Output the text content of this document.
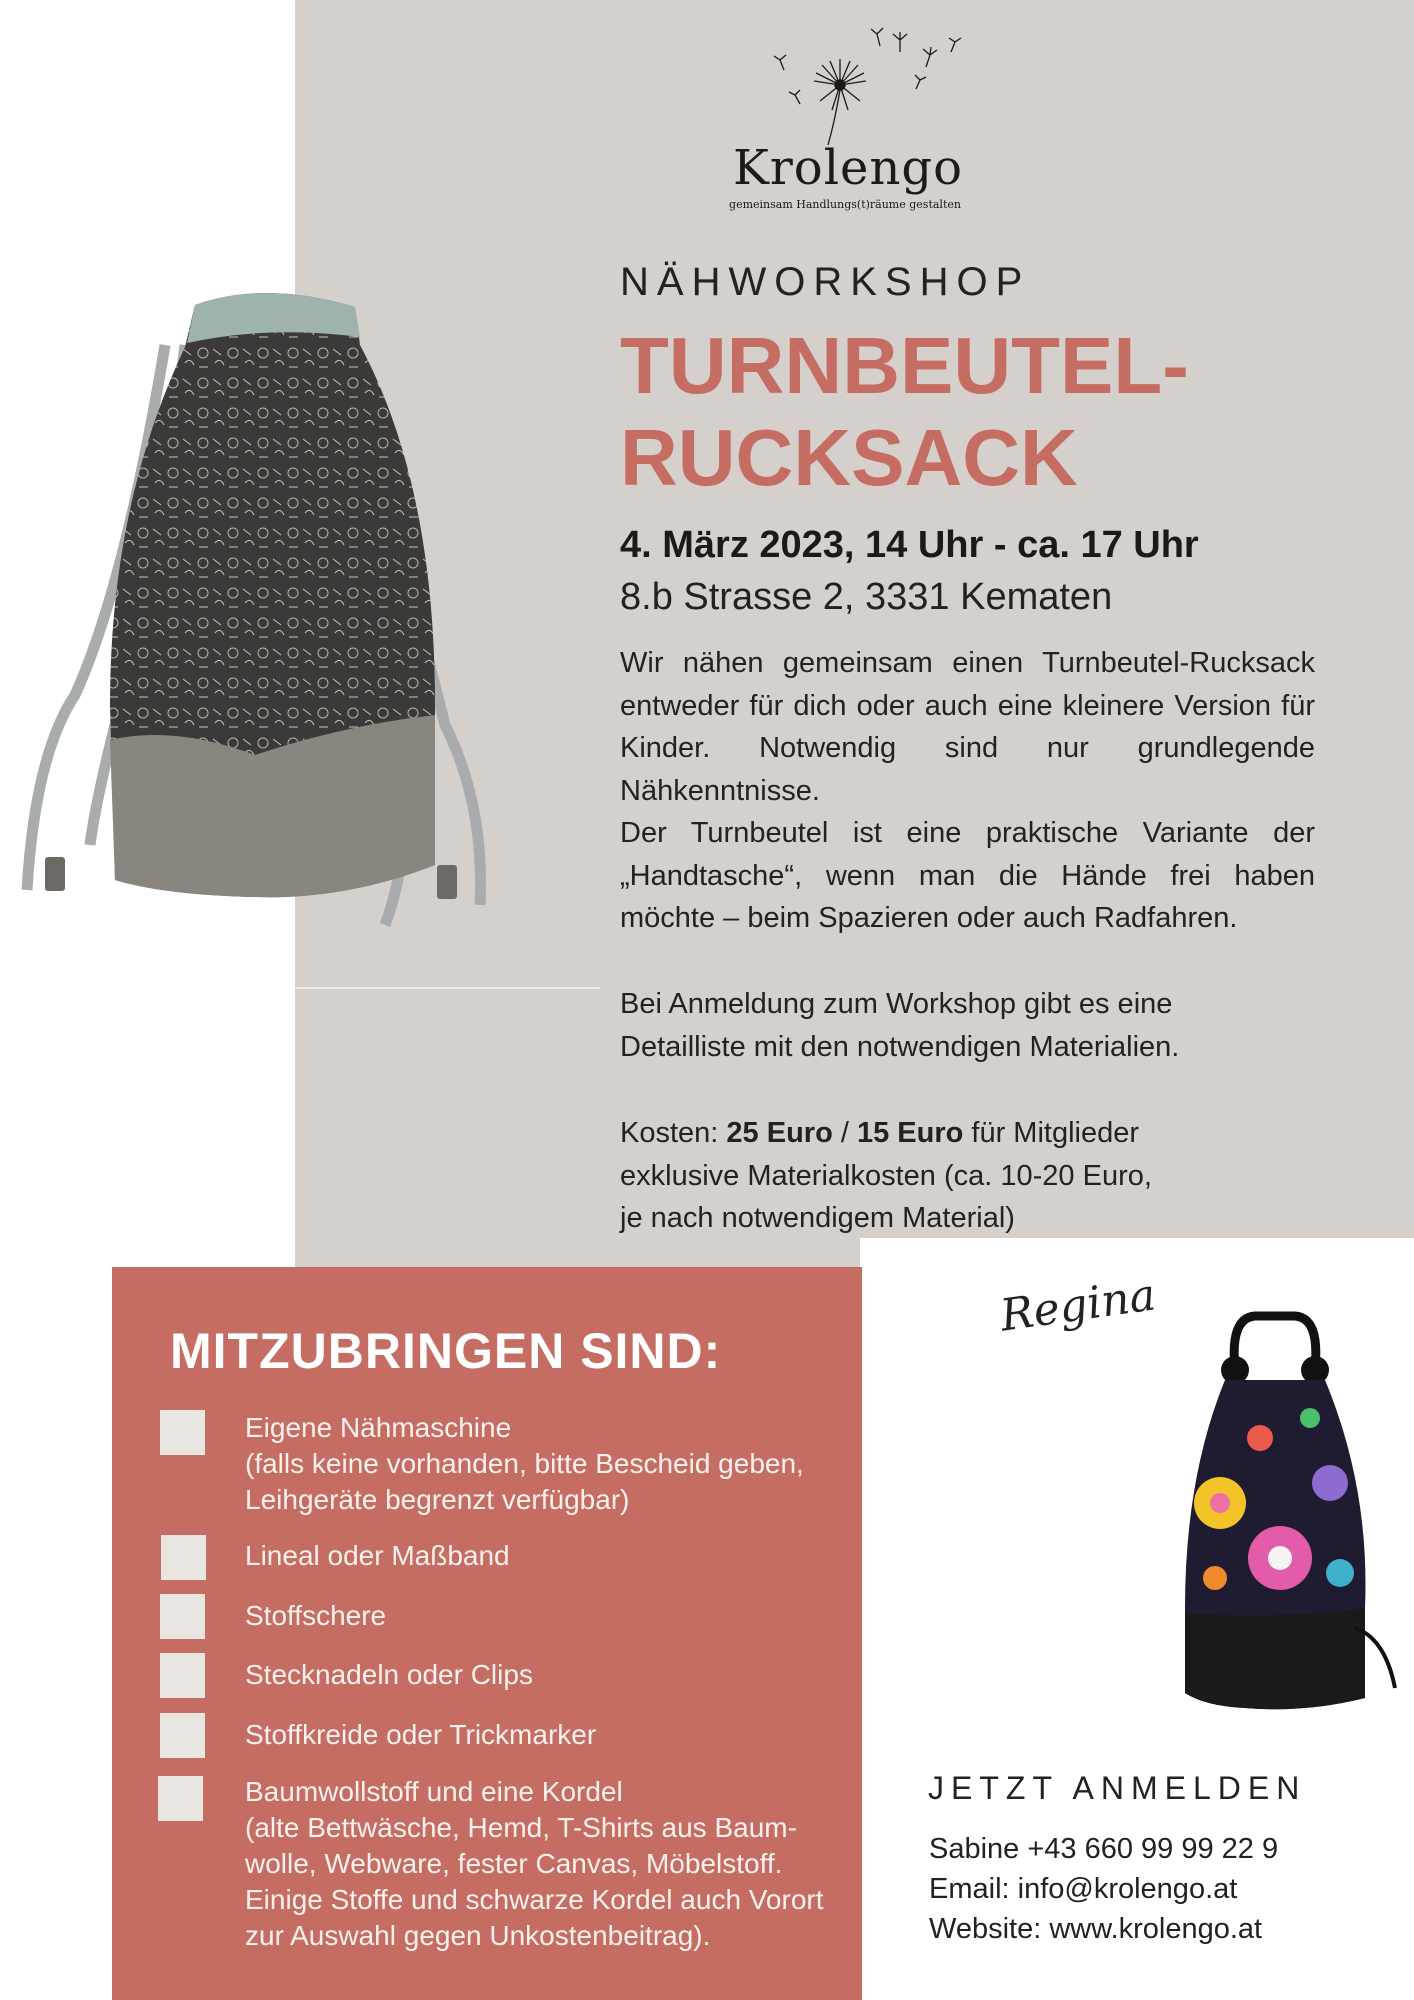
Krolengo
gemeinsam Handlungs(t)räume gestalten
NÄHWORKSHOP
TURNBEUTEL-
RUCKSACK
4. März 2023, 14 Uhr - ca. 17 Uhr
8.b Strasse 2, 3331 Kematen

Wir nähen gemeinsam einen Turnbeutel-Rucksack entweder für dich oder auch eine kleinere Version für Kinder. Notwendig sind nur grundlegende Nähkenntnisse.

Der Turnbeutel ist eine praktische Variante der „Handtasche“, wenn man die Hände frei haben möchte – beim Spazieren oder auch Radfahren.

Bei Anmeldung zum Workshop gibt es eine
Detailliste mit den notwendigen Materialien.
Kosten: 25 Euro / 15 Euro für Mitglieder
exklusive Materialkosten (ca. 10-20 Euro,
je nach notwendigem Material)
Regina
MITZUBRINGEN SIND:
Eigene Nähmaschine
(falls keine vorhanden, bitte Bescheid geben,
Leihgeräte begrenzt verfügbar)
Lineal oder Maßband
Stoffschere
Stecknadeln oder Clips
Stoffkreide oder Trickmarker
Baumwollstoff und eine Kordel
(alte Bettwäsche, Hemd, T-Shirts aus Baum-
wolle, Webware, fester Canvas, Möbelstoff.
Einige Stoffe und schwarze Kordel auch Vorort
zur Auswahl gegen Unkostenbeitrag).
JETZT ANMELDEN
Sabine +43 660 99 99 22 9
Email: info@krolengo.at
Website: www.krolengo.at
